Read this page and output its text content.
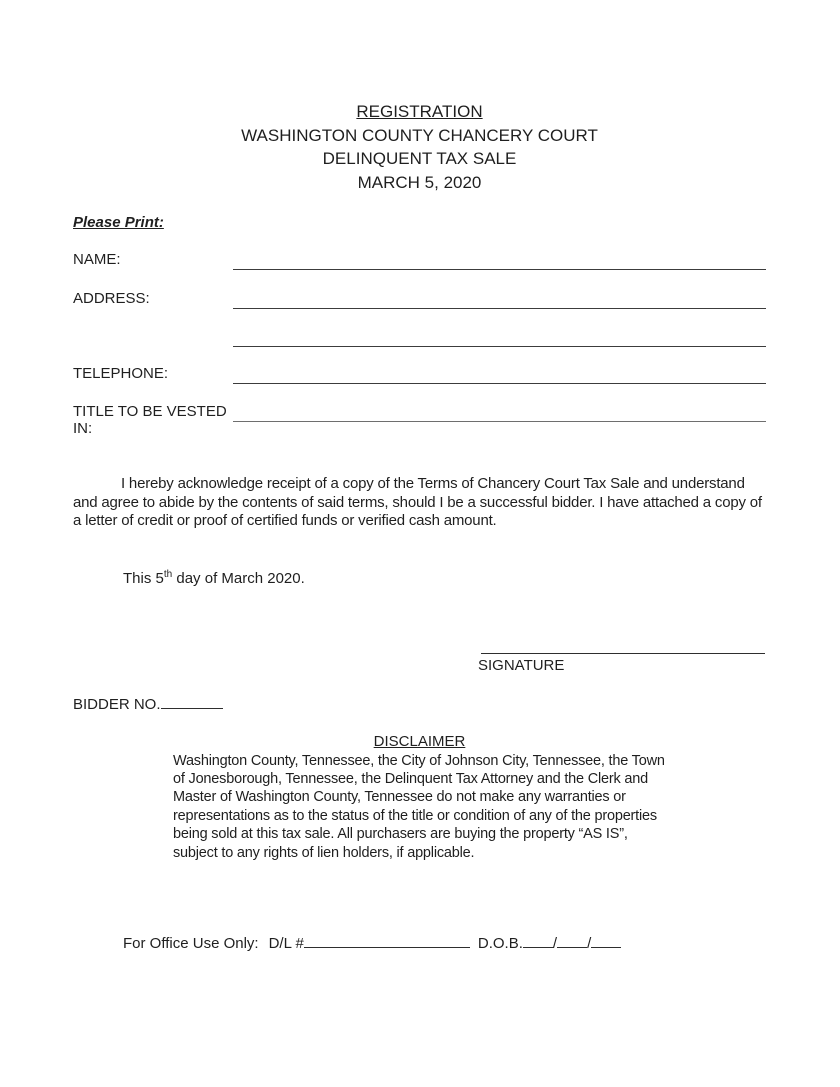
REGISTRATION
WASHINGTON COUNTY CHANCERY COURT
DELINQUENT TAX SALE
MARCH 5, 2020
Please Print:
NAME:
ADDRESS:
TELEPHONE:
TITLE TO BE VESTED IN:

I hereby acknowledge receipt of a copy of the Terms of Chancery Court Tax Sale and understand and agree to abide by the contents of said terms, should I be a successful bidder. I have attached a copy of a letter of credit or proof of certified funds or verified cash amount.

This 5th day of March 2020.
SIGNATURE
BIDDER NO.
DISCLAIMER

Washington County, Tennessee, the City of Johnson City, Tennessee, the Town of Jonesborough, Tennessee, the Delinquent Tax Attorney and the Clerk and Master of Washington County, Tennessee do not make any warranties or representations as to the status of the title or condition of any of the properties being sold at this tax sale. All purchasers are buying the property “AS IS”, subject to any rights of lien holders, if applicable.

For Office Use Only: D/L #	D.O.B. / /
